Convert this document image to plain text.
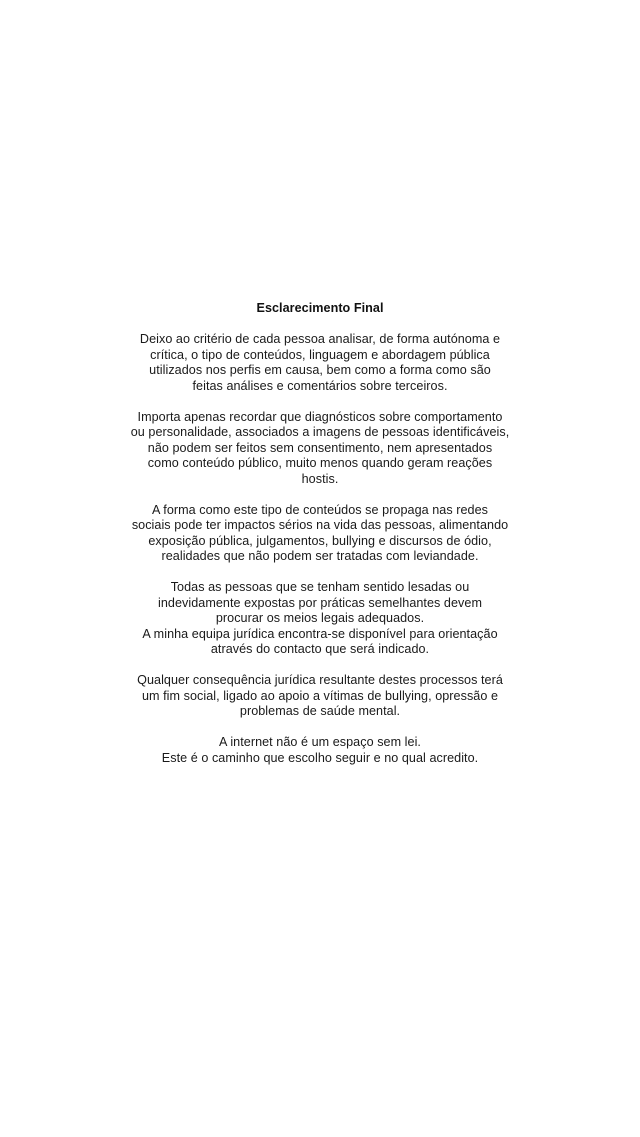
Esclarecimento Final

Deixo ao critério de cada pessoa analisar, de forma autónoma e
crítica, o tipo de conteúdos, linguagem e abordagem pública
utilizados nos perfis em causa, bem como a forma como são
feitas análises e comentários sobre terceiros.

Importa apenas recordar que diagnósticos sobre comportamento
ou personalidade, associados a imagens de pessoas identificáveis,
não podem ser feitos sem consentimento, nem apresentados
como conteúdo público, muito menos quando geram reações
hostis.

A forma como este tipo de conteúdos se propaga nas redes
sociais pode ter impactos sérios na vida das pessoas, alimentando
exposição pública, julgamentos, bullying e discursos de ódio,
realidades que não podem ser tratadas com leviandade.

Todas as pessoas que se tenham sentido lesadas ou
indevidamente expostas por práticas semelhantes devem
procurar os meios legais adequados.
A minha equipa jurídica encontra-se disponível para orientação
através do contacto que será indicado.

Qualquer consequência jurídica resultante destes processos terá
um fim social, ligado ao apoio a vítimas de bullying, opressão e
problemas de saúde mental.

A internet não é um espaço sem lei.
Este é o caminho que escolho seguir e no qual acredito.
